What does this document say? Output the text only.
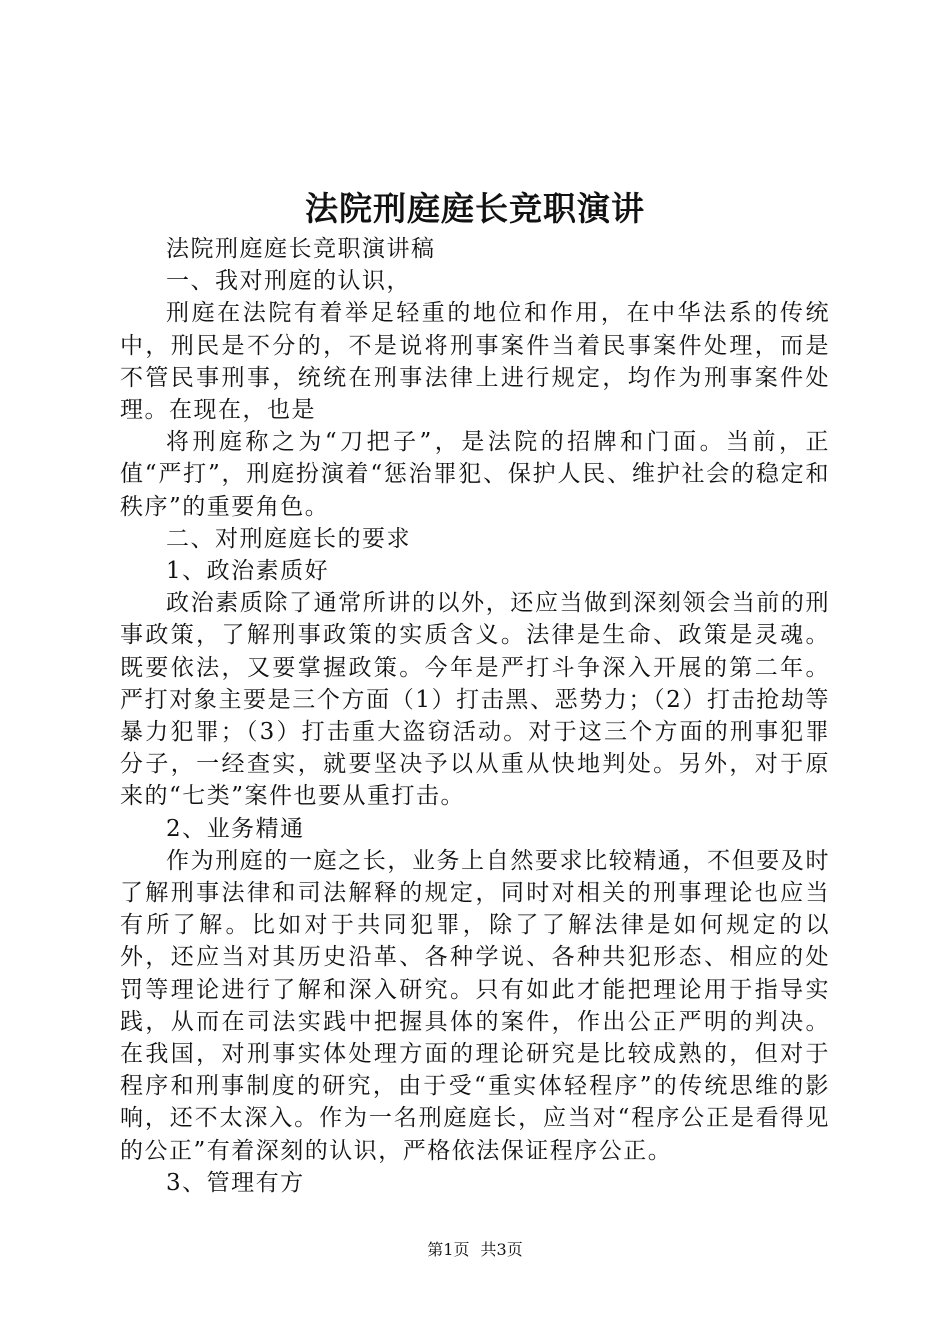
法院刑庭庭长竞职演讲

法院刑庭庭长竞职演讲稿

一、我对刑庭的认识，

刑庭在法院有着举足轻重的地位和作用，在中华法系的传统中，刑民是不分的，不是说将刑事案件当着民事案件处理，而是不管民事刑事，统统在刑事法律上进行规定，均作为刑事案件处理。在现在，也是

将刑庭称之为“刀把子”，是法院的招牌和门面。当前，正值“严打”，刑庭扮演着“惩治罪犯、保护人民、维护社会的稳定和秩序”的重要角色。

二、对刑庭庭长的要求

1、政治素质好

政治素质除了通常所讲的以外，还应当做到深刻领会当前的刑事政策，了解刑事政策的实质含义。法律是生命、政策是灵魂。既要依法，又要掌握政策。今年是严打斗争深入开展的第二年。严打对象主要是三个方面（1）打击黑、恶势力；（2）打击抢劫等暴力犯罪；（3）打击重大盗窃活动。对于这三个方面的刑事犯罪分子，一经查实，就要坚决予以从重从快地判处。另外，对于原来的“七类”案件也要从重打击。

2、业务精通

作为刑庭的一庭之长，业务上自然要求比较精通，不但要及时了解刑事法律和司法解释的规定，同时对相关的刑事理论也应当有所了解。比如对于共同犯罪，除了了解法律是如何规定的以外，还应当对其历史沿革、各种学说、各种共犯形态、相应的处罚等理论进行了解和深入研究。只有如此才能把理论用于指导实践，从而在司法实践中把握具体的案件，作出公正严明的判决。在我国，对刑事实体处理方面的理论研究是比较成熟的，但对于程序和刑事制度的研究，由于受“重实体轻程序”的传统思维的影响，还不太深入。作为一名刑庭庭长，应当对“程序公正是看得见的公正”有着深刻的认识，严格依法保证程序公正。

3、管理有方

第1页 共3页
